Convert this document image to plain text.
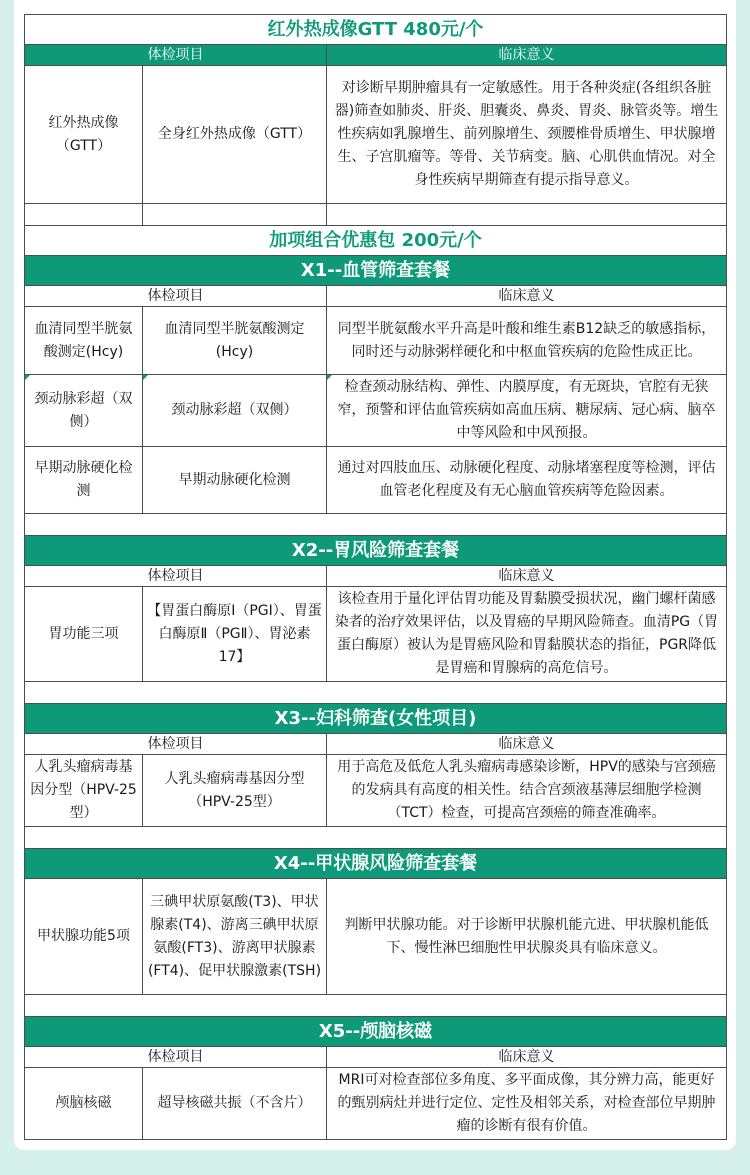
红外热成像GTT 480元/个		
体检项目		临床意义
红外热成像（GTT）	全身红外热成像（GTT）	对诊断早期肿瘤具有一定敏感性。用于各种炎症(各组织各脏器)筛查如肺炎、肝炎、胆囊炎、鼻炎、胃炎、脉管炎等。增生性疾病如乳腺增生、前列腺增生、颈腰椎骨质增生、甲状腺增生、子宫肌瘤等。等骨、关节病变。脑、心肌供血情况。对全身性疾病早期筛查有提示指导意义。

加项组合优惠包 200元/个		
X1--血管筛查套餐		
体检项目		临床意义
血清同型半胱氨酸测定(Hcy)	血清同型半胱氨酸测定(Hcy)	同型半胱氨酸水平升高是叶酸和维生素B12缺乏的敏感指标，同时还与动脉粥样硬化和中枢血管疾病的危险性成正比。
颈动脉彩超（双侧）	颈动脉彩超（双侧）	检查颈动脉结构、弹性、内膜厚度，有无斑块，官腔有无狭窄，预警和评估血管疾病如高血压病、糖尿病、冠心病、脑卒中等风险和中风预报。
早期动脉硬化检测	早期动脉硬化检测	通过对四肢血压、动脉硬化程度、动脉堵塞程度等检测，评估血管老化程度及有无心脑血管疾病等危险因素。

X2--胃风险筛查套餐		
体检项目		临床意义
胃功能三项	【胃蛋白酶原Ⅰ（PGⅠ）、胃蛋白酶原Ⅱ（PGⅡ）、胃泌素17】	该检查用于量化评估胃功能及胃黏膜受损状况，幽门螺杆菌感染者的治疗效果评估，以及胃癌的早期风险筛查。血清PG（胃蛋白酶原）被认为是胃癌风险和胃黏膜状态的指征，PGR降低是胃癌和胃腺病的高危信号。

X3--妇科筛查(女性项目)		
体检项目		临床意义
人乳头瘤病毒基因分型（HPV-25型）	人乳头瘤病毒基因分型（HPV-25型）	用于高危及低危人乳头瘤病毒感染诊断，HPV的感染与宫颈癌的发病具有高度的相关性。结合宫颈液基薄层细胞学检测（TCT）检查，可提高宫颈癌的筛查准确率。

X4--甲状腺风险筛查套餐		
甲状腺功能5项	三碘甲状原氨酸(T3)、甲状腺素(T4)、游离三碘甲状原氨酸(FT3)、游离甲状腺素(FT4)、促甲状腺激素(TSH)	判断甲状腺功能。对于诊断甲状腺机能亢进、甲状腺机能低下、慢性淋巴细胞性甲状腺炎具有临床意义。

X5--颅脑核磁		
体检项目		临床意义
颅脑核磁	超导核磁共振（不含片）	MRI可对检查部位多角度、多平面成像，其分辨力高，能更好的甄别病灶并进行定位、定性及相邻关系，对检查部位早期肿瘤的诊断有很有价值。
